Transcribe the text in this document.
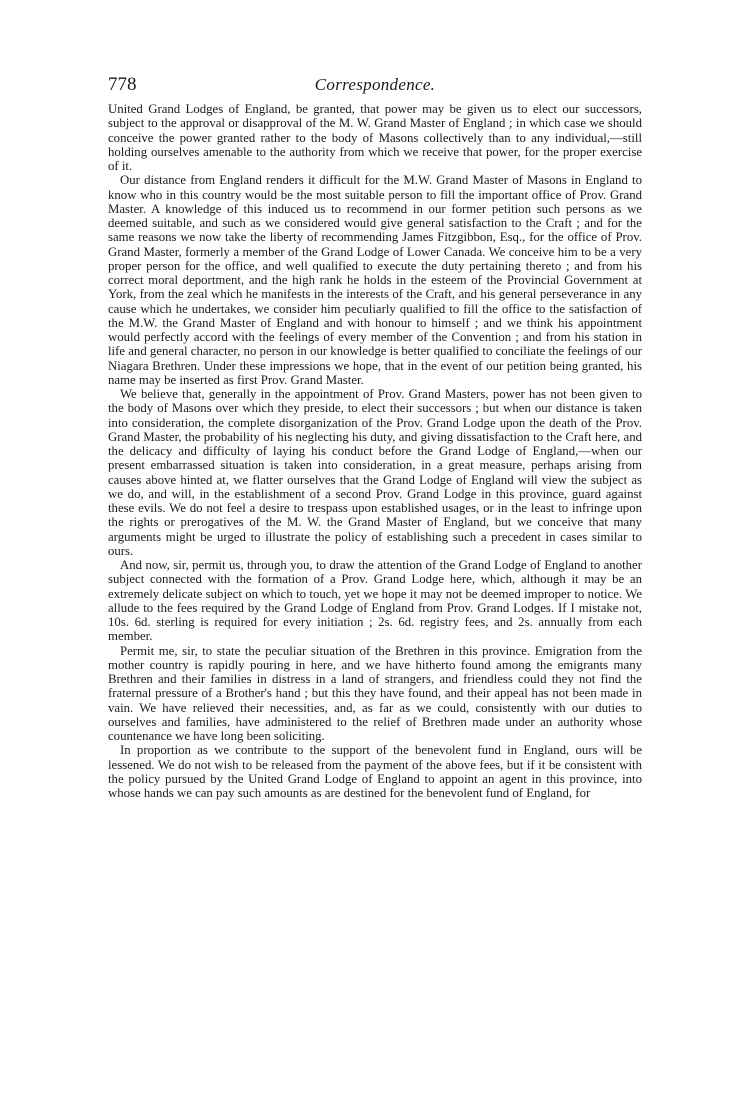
778	Correspondence.

United Grand Lodges of England, be granted, that power may be given us to elect our successors, subject to the approval or disapproval of the M. W. Grand Master of England ; in which case we should conceive the power granted rather to the body of Masons collectively than to any individual,—still holding ourselves amenable to the authority from which we receive that power, for the proper exercise of it.

Our distance from England renders it difficult for the M.W. Grand Master of Masons in England to know who in this country would be the most suitable person to fill the important office of Prov. Grand Master. A knowledge of this induced us to recommend in our former petition such persons as we deemed suitable, and such as we considered would give general satisfaction to the Craft ; and for the same reasons we now take the liberty of recommending James Fitzgibbon, Esq., for the office of Prov. Grand Master, formerly a member of the Grand Lodge of Lower Canada. We conceive him to be a very proper person for the office, and well qualified to execute the duty pertaining thereto ; and from his correct moral deportment, and the high rank he holds in the esteem of the Provincial Government at York, from the zeal which he manifests in the interests of the Craft, and his general perseverance in any cause which he undertakes, we consider him peculiarly qualified to fill the office to the satisfaction of the M.W. the Grand Master of England and with honour to himself ; and we think his appointment would perfectly accord with the feelings of every member of the Convention ; and from his station in life and general character, no person in our knowledge is better qualified to conciliate the feelings of our Niagara Brethren. Under these impressions we hope, that in the event of our petition being granted, his name may be inserted as first Prov. Grand Master.

We believe that, generally in the appointment of Prov. Grand Masters, power has not been given to the body of Masons over which they preside, to elect their successors ; but when our distance is taken into consideration, the complete disorganization of the Prov. Grand Lodge upon the death of the Prov. Grand Master, the probability of his neglecting his duty, and giving dissatisfaction to the Craft here, and the delicacy and difficulty of laying his conduct before the Grand Lodge of England,—when our present embarrassed situation is taken into consideration, in a great measure, perhaps arising from causes above hinted at, we flatter ourselves that the Grand Lodge of England will view the subject as we do, and will, in the establishment of a second Prov. Grand Lodge in this province, guard against these evils. We do not feel a desire to trespass upon established usages, or in the least to infringe upon the rights or prerogatives of the M. W. the Grand Master of England, but we conceive that many arguments might be urged to illustrate the policy of establishing such a precedent in cases similar to ours.

And now, sir, permit us, through you, to draw the attention of the Grand Lodge of England to another subject connected with the formation of a Prov. Grand Lodge here, which, although it may be an extremely delicate subject on which to touch, yet we hope it may not be deemed improper to notice. We allude to the fees required by the Grand Lodge of England from Prov. Grand Lodges. If I mistake not, 10s. 6d. sterling is required for every initiation ; 2s. 6d. registry fees, and 2s. annually from each member.

Permit me, sir, to state the peculiar situation of the Brethren in this province. Emigration from the mother country is rapidly pouring in here, and we have hitherto found among the emigrants many Brethren and their families in distress in a land of strangers, and friendless could they not find the fraternal pressure of a Brother's hand ; but this they have found, and their appeal has not been made in vain. We have relieved their necessities, and, as far as we could, consistently with our duties to ourselves and families, have administered to the relief of Brethren made under an authority whose countenance we have long been soliciting.

In proportion as we contribute to the support of the benevolent fund in England, ours will be lessened. We do not wish to be released from the payment of the above fees, but if it be consistent with the policy pursued by the United Grand Lodge of England to appoint an agent in this province, into whose hands we can pay such amounts as are destined for the benevolent fund of England, for
